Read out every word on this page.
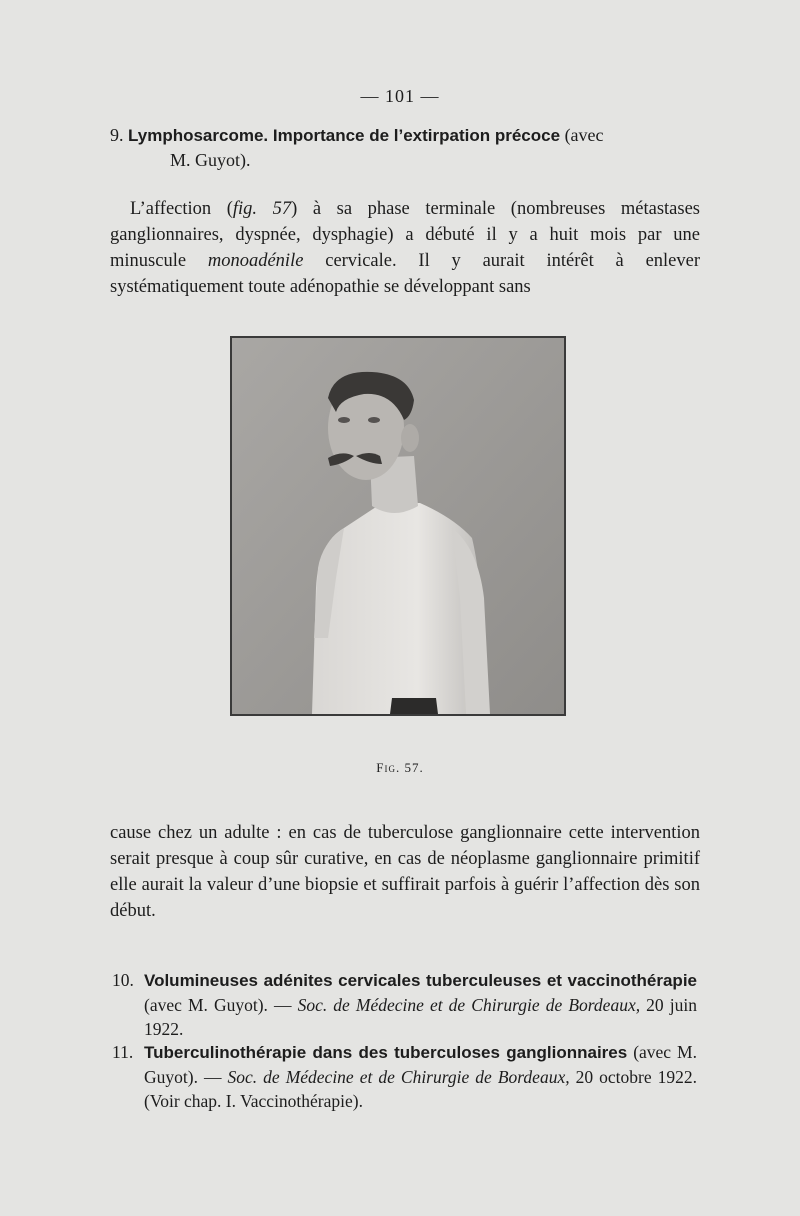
— 101 —
9. Lymphosarcome. Importance de l’extirpation précoce (avec
M. Guyot).
L’affection (fig. 57) à sa phase terminale (nombreuses métastases ganglionnaires, dyspnée, dysphagie) a débuté il y a huit mois par une minuscule monoadénile cervicale. Il y aurait intérêt à enlever systématiquement toute adénopathie se développant sans
Fig. 57.
cause chez un adulte : en cas de tuberculose ganglionnaire cette intervention serait presque à coup sûr curative, en cas de néoplasme ganglionnaire primitif elle aurait la valeur d’une biopsie et suffirait parfois à guérir l’affection dès son début.
10. Volumineuses adénites cervicales tuberculeuses et vaccinothérapie (avec M. Guyot). — Soc. de Médecine et de Chirurgie de Bordeaux, 20 juin 1922.
11. Tuberculinothérapie dans des tuberculoses ganglionnaires (avec M. Guyot). — Soc. de Médecine et de Chirurgie de Bordeaux, 20 octobre 1922. (Voir chap. I. Vaccinothérapie).
